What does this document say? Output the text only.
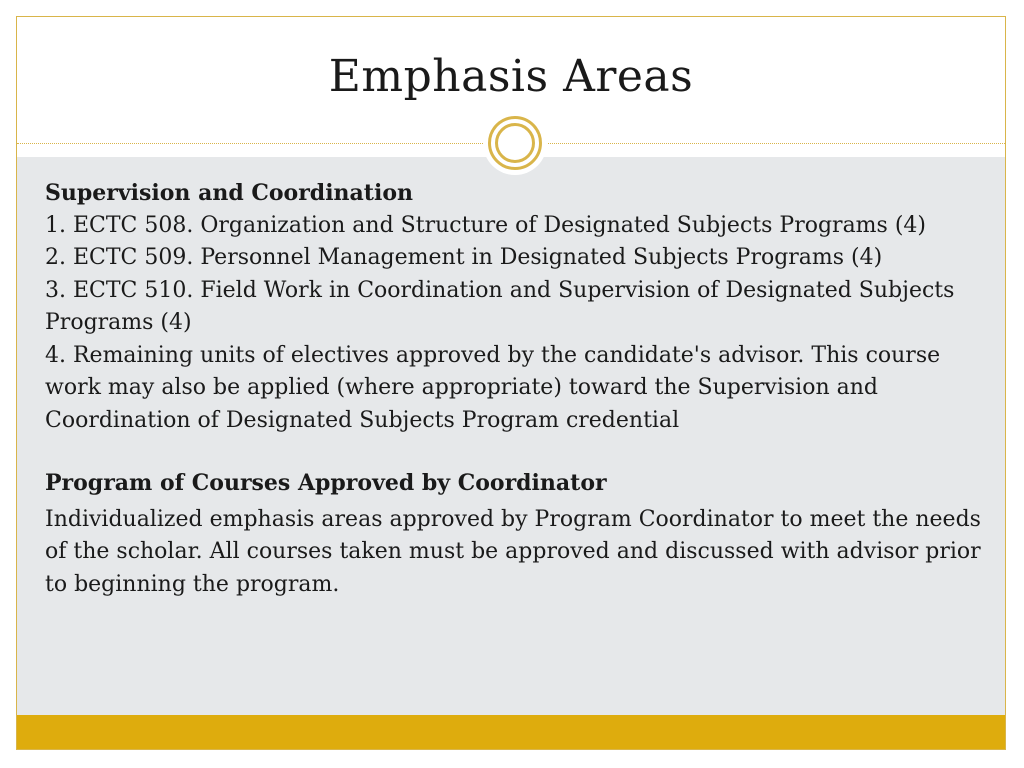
Emphasis Areas

Supervision and Coordination

1. ECTC 508. Organization and Structure of Designated Subjects Programs (4)

2. ECTC 509. Personnel Management in Designated Subjects Programs (4)

3. ECTC 510. Field Work in Coordination and Supervision of Designated Subjects Programs (4)

4. Remaining units of electives approved by the candidate's advisor. This course work may also be applied (where appropriate) toward the Supervision and Coordination of Designated Subjects Program credential

Program of Courses Approved by Coordinator

Individualized emphasis areas approved by Program Coordinator to meet the needs of the scholar. All courses taken must be approved and discussed with advisor prior to beginning the program.
